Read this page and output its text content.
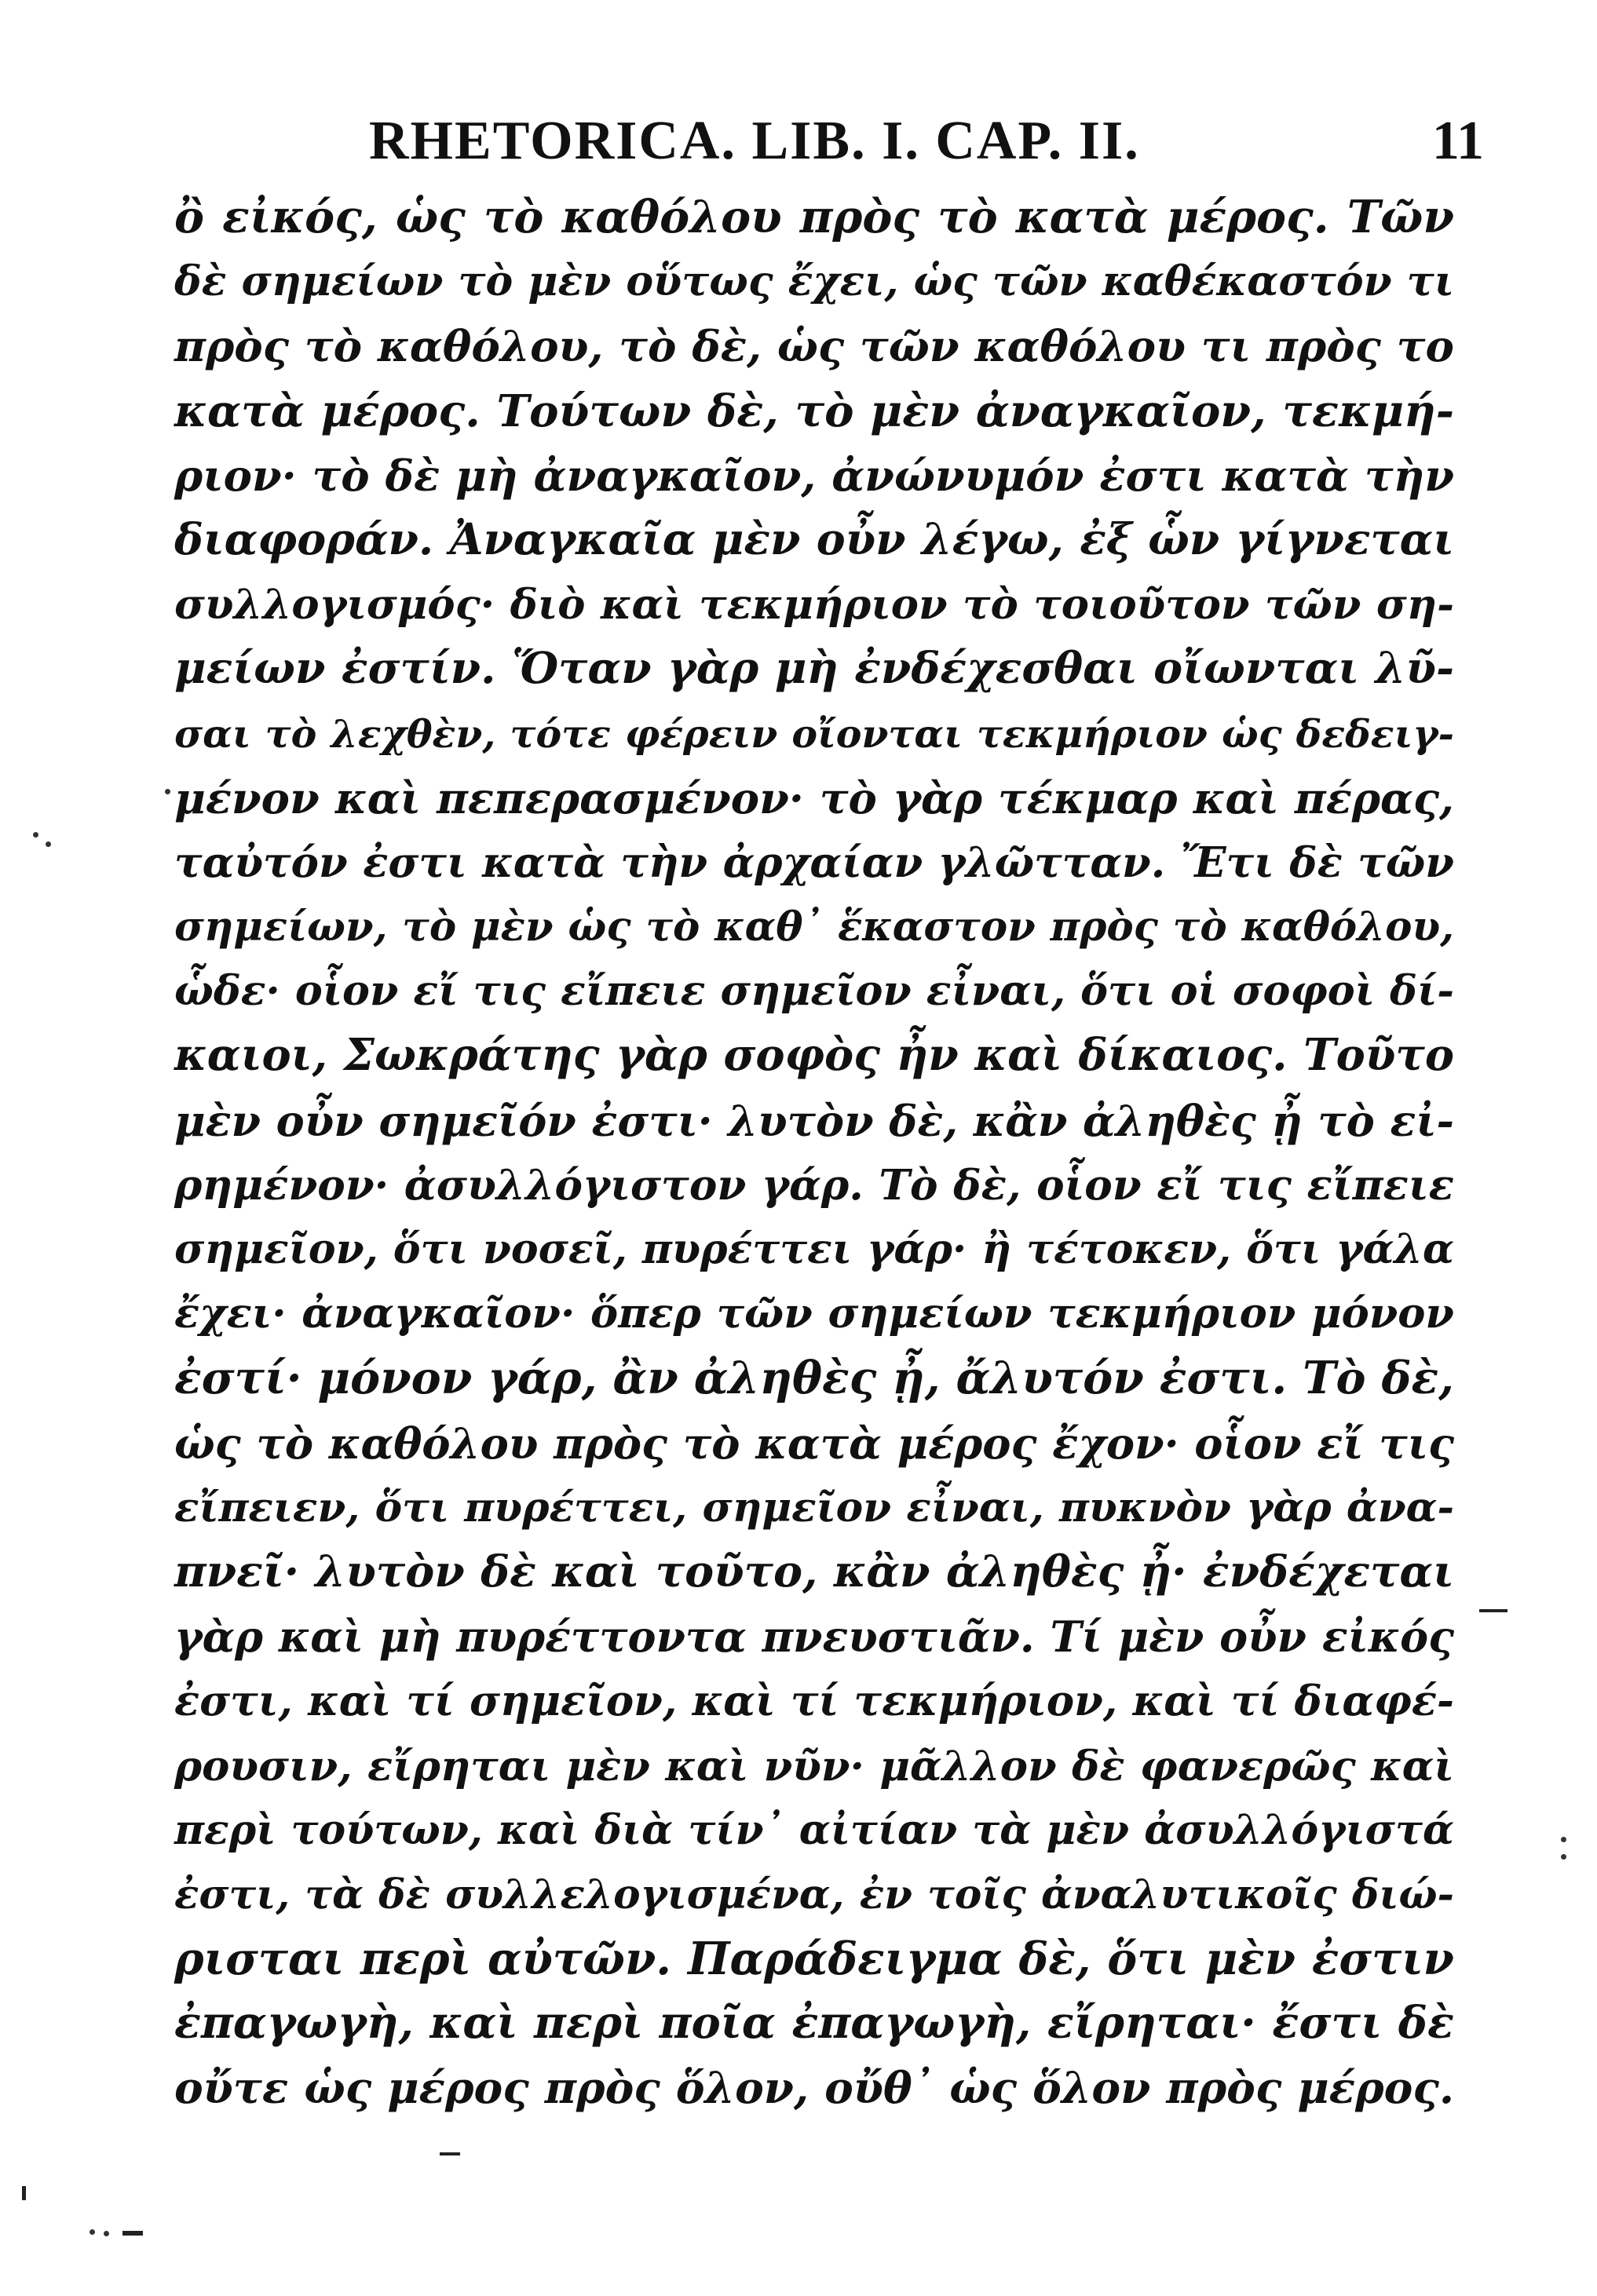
RHETORICA. LIB. I. CAP. II.	11
ὂ εἰκός, ὡς τὸ καθόλου πρὸς τὸ κατὰ μέρος. Τῶν
δὲ σημείων τὸ μὲν οὕτως ἔχει, ὡς τῶν καθέκαστόν τι
πρὸς τὸ καθόλου, τὸ δὲ, ὡς τῶν καθόλου τι πρὸς το
κατὰ μέρος. Τούτων δὲ, τὸ μὲν ἀναγκαῖον, τεκμή-
ριον· τὸ δὲ μὴ ἀναγκαῖον, ἀνώνυμόν ἐστι κατὰ τὴν
διαφοράν. Ἀναγκαῖα μὲν οὖν λέγω, ἐξ ὧν γίγνεται
συλλογισμός· διὸ καὶ τεκμήριον τὸ τοιοῦτον τῶν ση-
μείων ἐστίν. Ὅταν γὰρ μὴ ἐνδέχεσθαι οἴωνται λῦ-
σαι τὸ λεχθὲν, τότε φέρειν οἴονται τεκμήριον ὡς δεδειγ-
μένον καὶ πεπερασμένον· τὸ γὰρ τέκμαρ καὶ πέρας,
ταὐτόν ἐστι κατὰ τὴν ἀρχαίαν γλῶτταν. Ἔτι δὲ τῶν
σημείων, τὸ μὲν ὡς τὸ καθ᾽ ἕκαστον πρὸς τὸ καθόλου,
ὧδε· οἷον εἴ τις εἴπειε σημεῖον εἶναι, ὅτι οἱ σοφοὶ δί-
καιοι, Σωκράτης γὰρ σοφὸς ἦν καὶ δίκαιος. Τοῦτο
μὲν οὖν σημεῖόν ἐστι· λυτὸν δὲ, κἂν ἀληθὲς ᾖ τὸ εἰ-
ρημένον· ἀσυλλόγιστον γάρ. Τὸ δὲ, οἷον εἴ τις εἴπειε
σημεῖον, ὅτι νοσεῖ, πυρέττει γάρ· ἢ τέτοκεν, ὅτι γάλα
ἔχει· ἀναγκαῖον· ὅπερ τῶν σημείων τεκμήριον μόνον
ἐστί· μόνον γάρ, ἂν ἀληθὲς ᾖ, ἄλυτόν ἐστι. Τὸ δὲ,
ὡς τὸ καθόλου πρὸς τὸ κατὰ μέρος ἔχον· οἷον εἴ τις
εἴπειεν, ὅτι πυρέττει, σημεῖον εἶναι, πυκνὸν γὰρ ἀνα-
πνεῖ· λυτὸν δὲ καὶ τοῦτο, κἂν ἀληθὲς ᾖ· ἐνδέχεται
γὰρ καὶ μὴ πυρέττοντα πνευστιᾶν. Τί μὲν οὖν εἰκός
ἐστι, καὶ τί σημεῖον, καὶ τί τεκμήριον, καὶ τί διαφέ-
ρουσιν, εἴρηται μὲν καὶ νῦν· μᾶλλον δὲ φανερῶς καὶ
περὶ τούτων, καὶ διὰ τίν᾽ αἰτίαν τὰ μὲν ἀσυλλόγιστά
ἐστι, τὰ δὲ συλλελογισμένα, ἐν τοῖς ἀναλυτικοῖς διώ-
ρισται περὶ αὐτῶν. Παράδειγμα δὲ, ὅτι μὲν ἐστιν
ἐπαγωγὴ, καὶ περὶ ποῖα ἐπαγωγὴ, εἴρηται· ἔστι δὲ
οὔτε ὡς μέρος πρὸς ὅλον, οὔθ᾽ ὡς ὅλον πρὸς μέρος.
